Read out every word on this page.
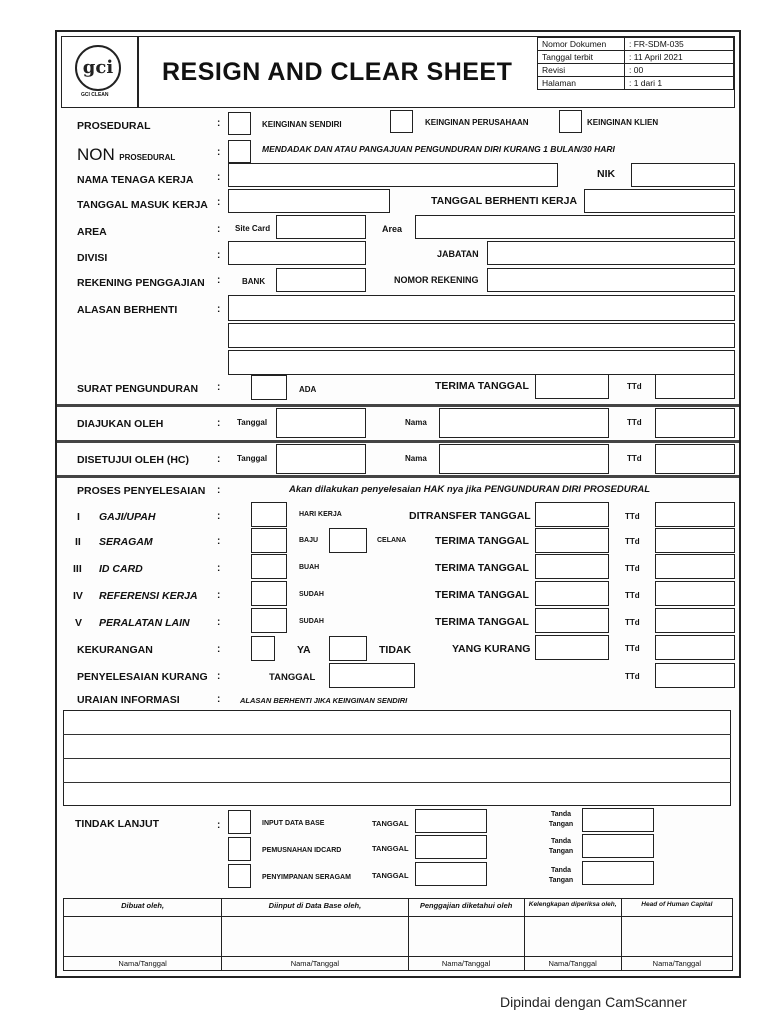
gci
GCI CLEAN
RESIGN AND CLEAR SHEET
Nomor Dokumen	: FR-SDM-035
Tanggal terbit	: 11 April 2021
Revisi	: 00
Halaman	: 1 dari 1
PROSEDURAL	:	KEINGINAN SENDIRI	KEINGINAN PERUSAHAAN	KEINGINAN KLIEN
NON PROSEDURAL	:	MENDADAK DAN ATAU PANGAJUAN PENGUNDURAN DIRI KURANG 1 BULAN/30 HARI
NAMA TENAGA KERJA :	NIK
TANGGAL MASUK KERJA :	TANGGAL BERHENTI KERJA
AREA	: Site Card	Area
DIVISI	:	JABATAN
REKENING PENGGAJIAN :	BANK	NOMOR REKENING
ALASAN BERHENTI	:
SURAT PENGUNDURAN :	ADA	TERIMA TANGGAL	TTd
DIAJUKAN OLEH	: Tanggal	Nama	TTd
DISETUJUI OLEH (HC)	: Tanggal	Nama	TTd
PROSES PENYELESAIAN :	Akan dilakukan penyelesaian HAK nya jika PENGUNDURAN DIRI PROSEDURAL
I GAJI/UPAH	:	HARI KERJA	DITRANSFER TANGGAL	TTd
II SERAGAM	:	BAJU	CELANA	TERIMA TANGGAL	TTd
III ID CARD	:	BUAH	TERIMA TANGGAL	TTd
IV REFERENSI KERJA :	SUDAH	TERIMA TANGGAL	TTd
V PERALATAN LAIN	:	SUDAH	TERIMA TANGGAL	TTd
KEKURANGAN	:	YA	TIDAK	YANG KURANG	TTd
PENYELESAIAN KURANG :	TANGGAL	TTd
URAIAN INFORMASI	:	ALASAN BERHENTI JIKA KEINGINAN SENDIRI
TINDAK LANJUT	:	INPUT DATA BASE	TANGGAL
Tanda Tangan
PEMUSNAHAN IDCARD	TANGGAL
Tanda Tangan
PENYIMPANAN SERAGAM	TANGGAL
Tanda Tangan
Dibuat oleh,	Diinput di Data Base oleh,	Penggajian diketahui oleh	Kelengkapan diperiksa oleh,	Head of Human Capital

Nama/Tanggal	Nama/Tanggal	Nama/Tanggal	Nama/Tanggal	Nama/Tanggal
Dipindai dengan CamScanner
